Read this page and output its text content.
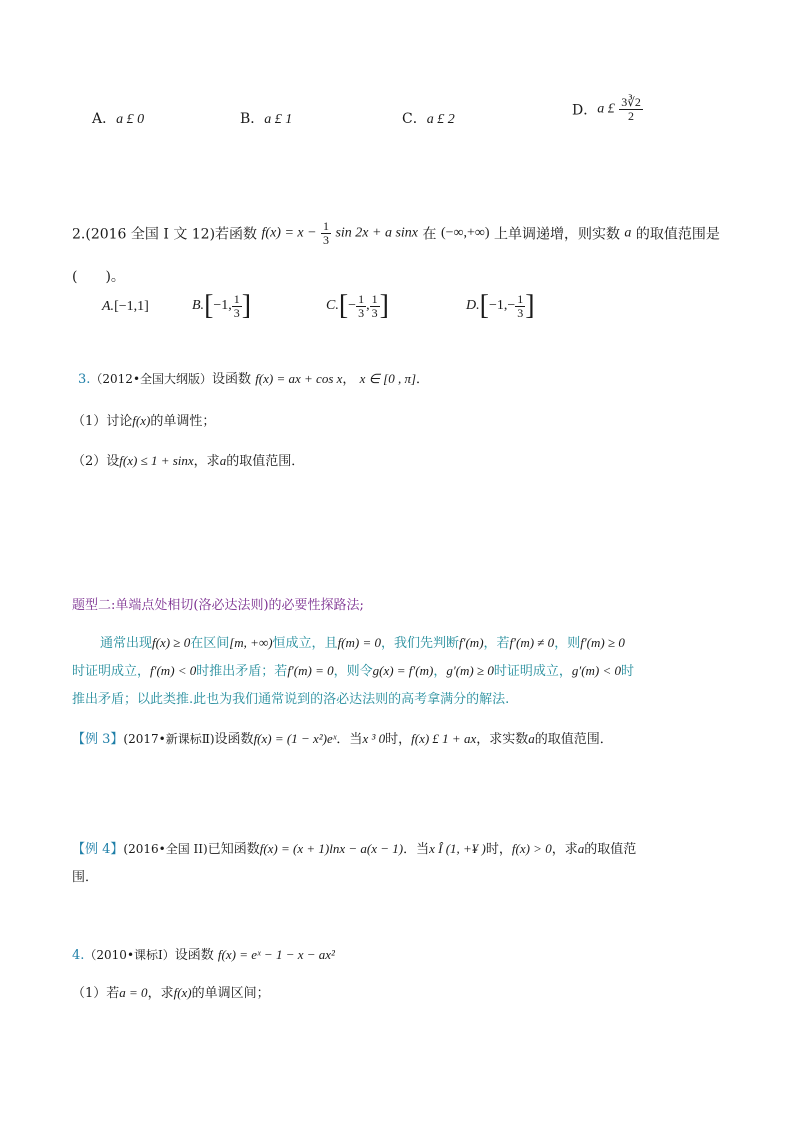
A．a £ 0	B．a £ 1	C．a £ 2
D．a £ $\frac{3∛2}{2}$
2.(2016 全国 I 文 12)若函数 $f(x) = x - \frac{1}{3}$ sin 2x + a sinx 在 (−∞,+∞) 上单调递增，则实数 a 的取值范围是
(　　)。
A.[−1,1]	B.[−1, $\frac{1}{3}$ ]	$C.[- \frac{1}{3}$ , $\frac{1}{3}$ ]	$D.[-1,- \frac{1}{3}$ ]
3.（2012•全国大纲版）设函数 f(x) = ax + cos x， x ∈ [0 , π]．
（1）讨论f(x)的单调性；
（2）设f(x) ≤ 1 + sinx，求a的取值范围．
题型二:单端点处相切(洛必达法则)的必要性探路法;
通常出现f(x) ≥ 0在区间[m, +∞)恒成立，且f(m) = 0，我们先判断f′(m)，若f′(m) ≠ 0，则f′(m) ≥ 0
时证明成立，f′(m) < 0时推出矛盾；若f′(m) = 0，则令g(x) = f′(m)，g′(m) ≥ 0时证明成立，g′(m) < 0时
推出矛盾；以此类推.此也为我们通常说到的洛必达法则的高考拿满分的解法.
【例 3】(2017•新课标Ⅱ)设函数f(x) = (1 − x²)eˣ．当x ³ 0时，f(x) £ 1 + ax，求实数a的取值范围．
【例 4】(2016•全国 II)已知函数f(x) = (x + 1)lnx − a(x − 1)．当x Î (1, +¥ )时，f(x) > 0，求a的取值范
围．
4.（2010•课标Ⅰ）设函数 f(x) = eˣ − 1 − x − ax²
（1）若a = 0，求f(x)的单调区间；
